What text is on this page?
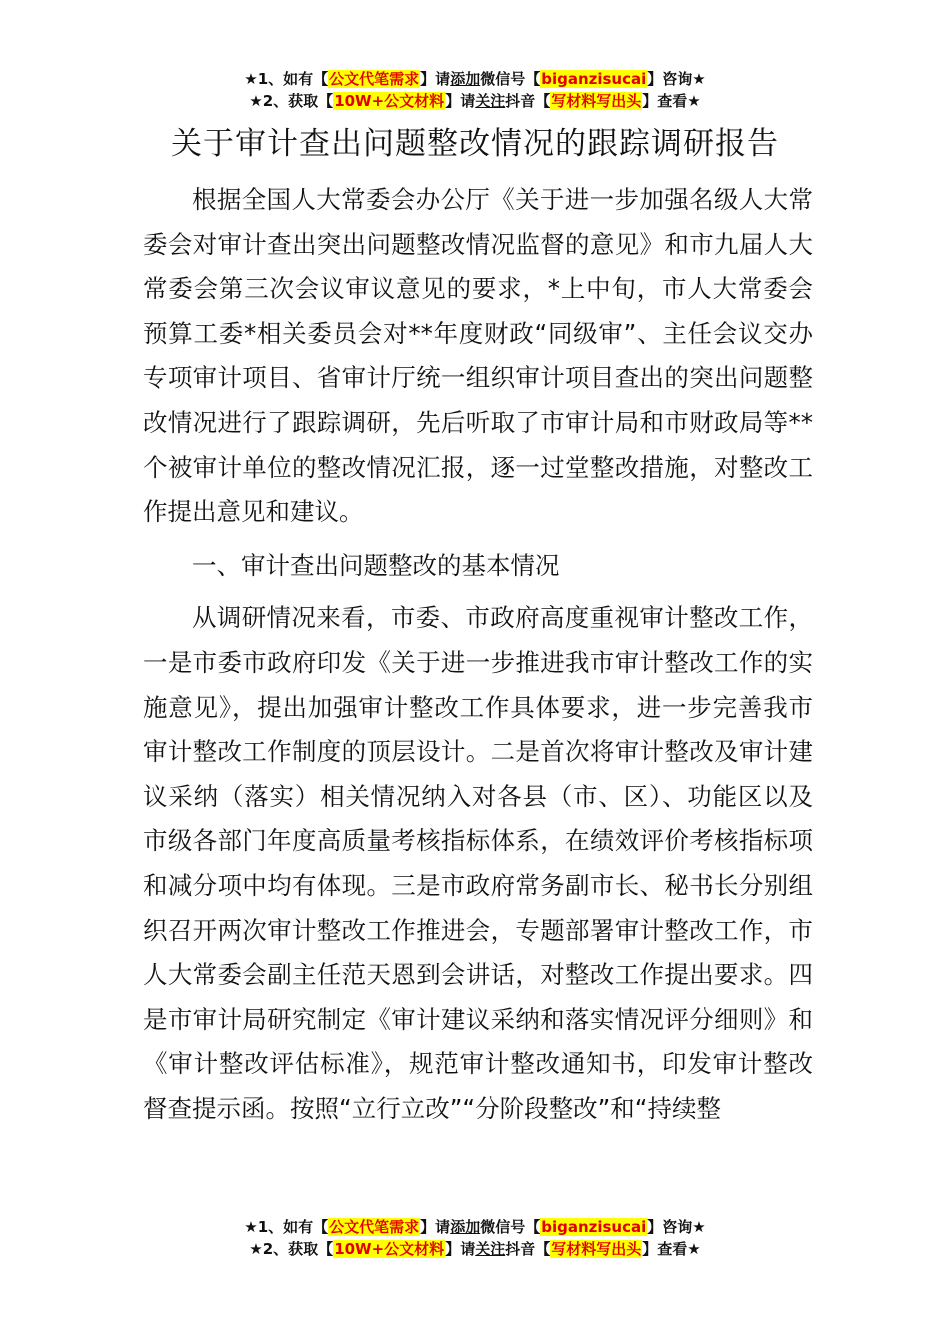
★1、如有【公文代笔需求】请添加微信号【biganzisucai】咨询★
★2、获取【10W+公文材料】请关注抖音【写材料写出头】查看★
关于审计查出问题整改情况的跟踪调研报告

根据全国人大常委会办公厅《关于进一步加强名级人大常委会对审计查出突出问题整改情况监督的意见》和市九届人大常委会第三次会议审议意见的要求，*上中旬，市人大常委会预算工委*相关委员会对**年度财政“同级审”、主任会议交办专项审计项目、省审计厅统一组织审计项目查出的突出问题整改情况进行了跟踪调研，先后听取了市审计局和市财政局等**个被审计单位的整改情况汇报，逐一过堂整改措施，对整改工作提出意见和建议。

一、审计查出问题整改的基本情况

从调研情况来看，市委、市政府高度重视审计整改工作，一是市委市政府印发《关于进一步推进我市审计整改工作的实施意见》，提出加强审计整改工作具体要求，进一步完善我市审计整改工作制度的顶层设计。二是首次将审计整改及审计建议采纳（落实）相关情况纳入对各县（市、区）、功能区以及市级各部门年度高质量考核指标体系，在绩效评价考核指标项和减分项中均有体现。三是市政府常务副市长、秘书长分别组织召开两次审计整改工作推进会，专题部署审计整改工作，市人大常委会副主任范天恩到会讲话，对整改工作提出要求。四是市审计局研究制定《审计建议采纳和落实情况评分细则》和《审计整改评估标准》，规范审计整改通知书，印发审计整改督查提示函。按照“立行立改”“分阶段整改”和“持续整

★1、如有【公文代笔需求】请添加微信号【biganzisucai】咨询★
★2、获取【10W+公文材料】请关注抖音【写材料写出头】查看★
